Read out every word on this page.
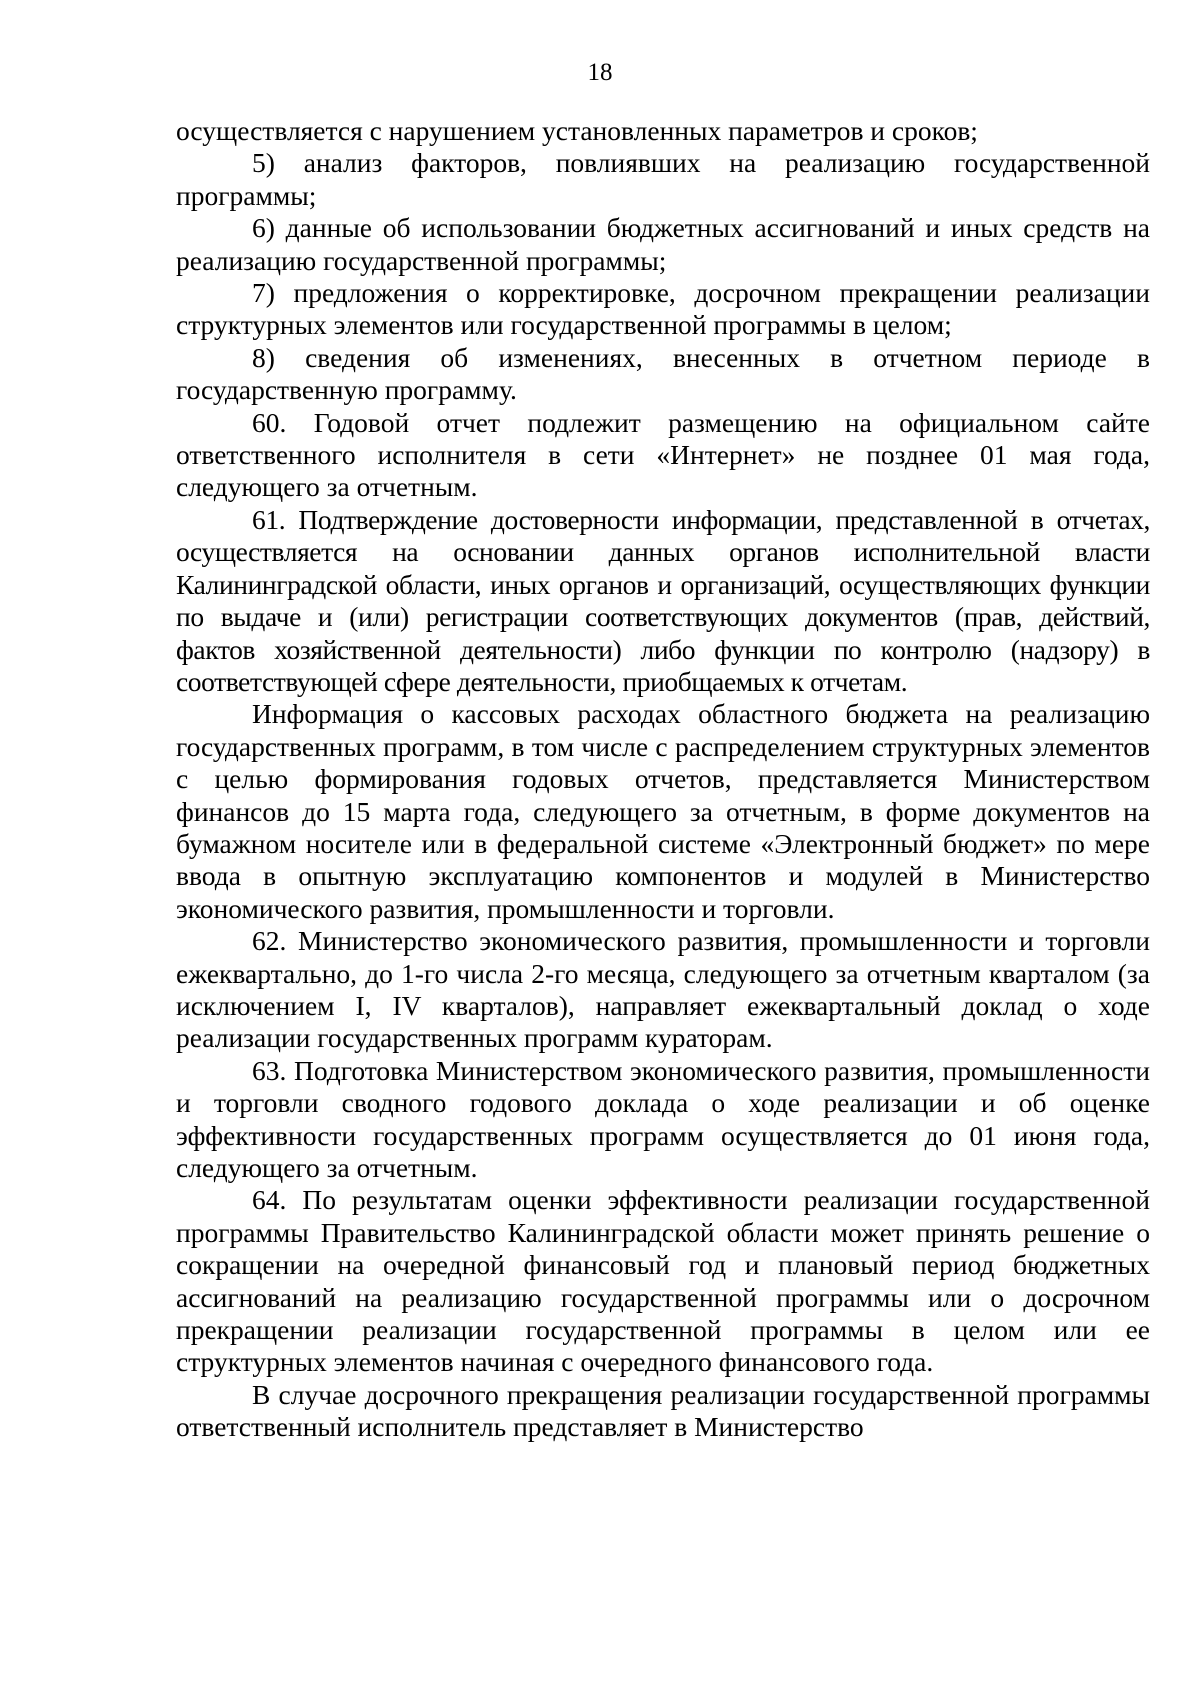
18

осуществляется с нарушением установленных параметров и сроков;

5) анализ факторов, повлиявших на реализацию государственной программы;

6) данные об использовании бюджетных ассигнований и иных средств на реализацию государственной программы;

7) предложения о корректировке, досрочном прекращении реализации структурных элементов или государственной программы в целом;

8) сведения об изменениях, внесенных в отчетном периоде в государственную программу.

60. Годовой отчет подлежит размещению на официальном сайте ответственного исполнителя в сети «Интернет» не позднее 01 мая года, следующего за отчетным.

61. Подтверждение достоверности информации, представленной в отчетах, осуществляется на основании данных органов исполнительной власти Калининградской области, иных органов и организаций, осуществляющих функции по выдаче и (или) регистрации соответствующих документов (прав, действий, фактов хозяйственной деятельности) либо функции по контролю (надзору) в соответствующей сфере деятельности, приобщаемых к отчетам.

Информация о кассовых расходах областного бюджета на реализацию государственных программ, в том числе с распределением структурных элементов с целью формирования годовых отчетов, представляется Министерством финансов до 15 марта года, следующего за отчетным, в форме документов на бумажном носителе или в федеральной системе «Электронный бюджет» по мере ввода в опытную эксплуатацию компонентов и модулей в Министерство экономического развития, промышленности и торговли.

62. Министерство экономического развития, промышленности и торговли ежеквартально, до 1-го числа 2-го месяца, следующего за отчетным кварталом (за исключением I, IV кварталов), направляет ежеквартальный доклад о ходе реализации государственных программ кураторам.

63. Подготовка Министерством экономического развития, промышленности и торговли сводного годового доклада о ходе реализации и об оценке эффективности государственных программ осуществляется до 01 июня года, следующего за отчетным.

64. По результатам оценки эффективности реализации государственной программы Правительство Калининградской области может принять решение о сокращении на очередной финансовый год и плановый период бюджетных ассигнований на реализацию государственной программы или о досрочном прекращении реализации государственной программы в целом или ее структурных элементов начиная с очередного финансового года.

В случае досрочного прекращения реализации государственной программы ответственный исполнитель представляет в Министерство
